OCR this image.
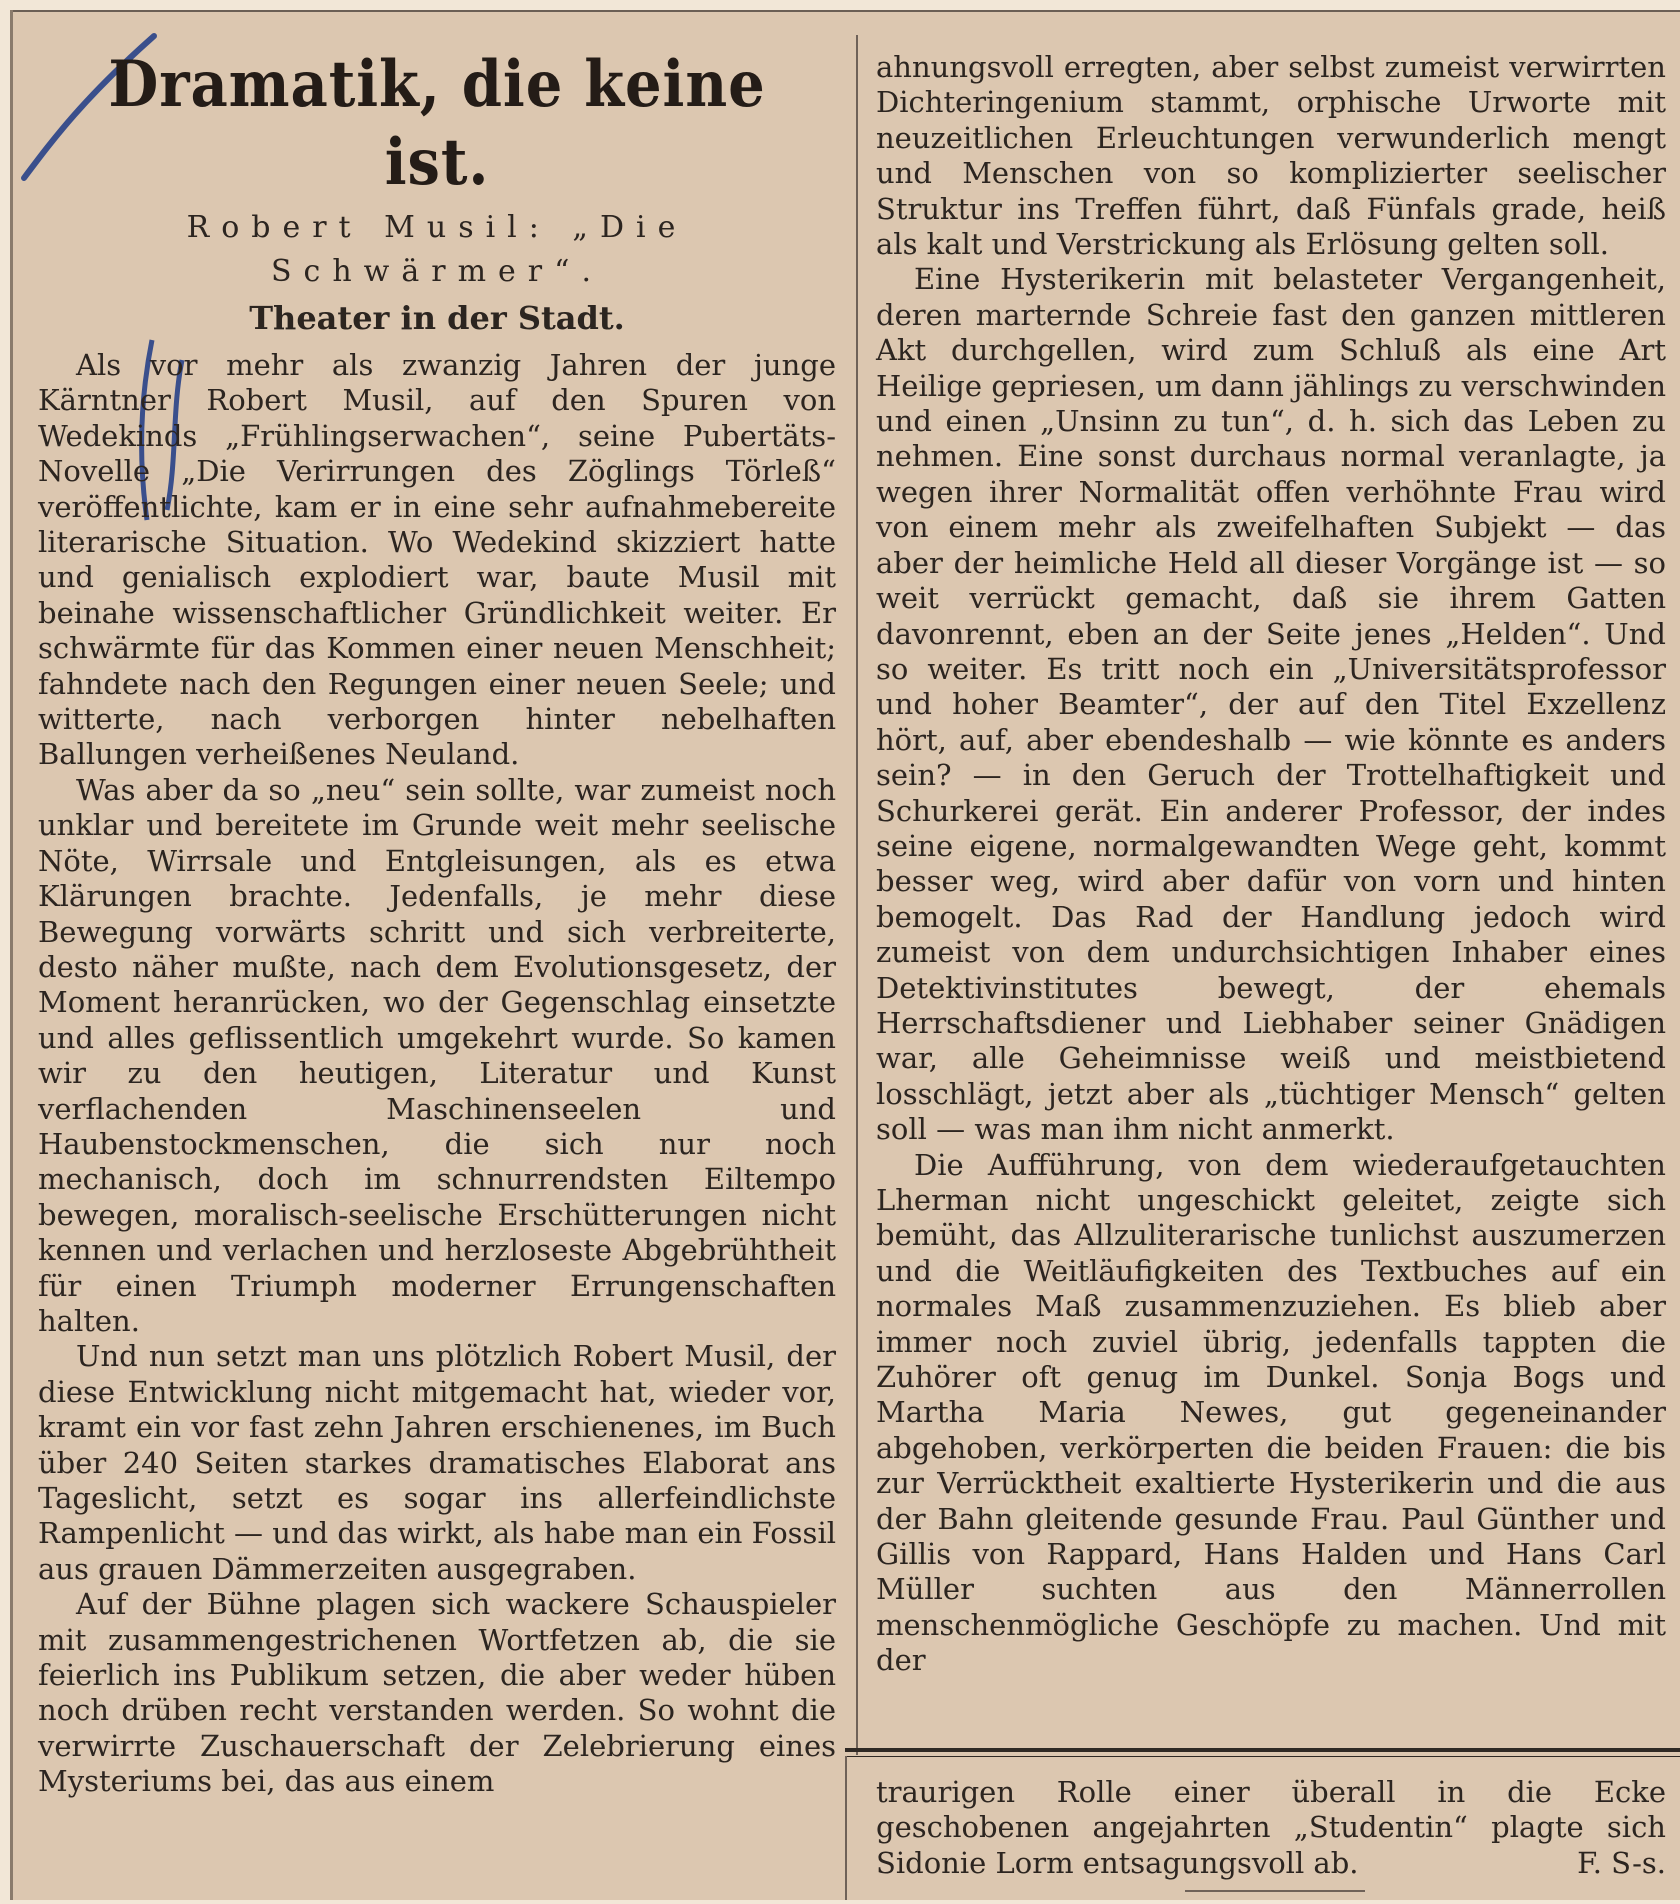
Dramatik, die keine ist.
Robert Musil: „Die Schwärmer“.
Theater in der Stadt.

Als vor mehr als zwanzig Jahren der junge Kärntner Robert Musil, auf den Spuren von Wedekinds „Frühlingserwachen“, seine Pubertäts-Novelle „Die Verirrungen des Zöglings Törleß“ veröffentlichte, kam er in eine sehr aufnahmebereite literarische Situation. Wo Wedekind skizziert hatte und genialisch explodiert war, baute Musil mit beinahe wissenschaftlicher Gründlichkeit weiter. Er schwärmte für das Kommen einer neuen Menschheit; fahndete nach den Regungen einer neuen Seele; und witterte, nach verborgen hinter nebelhaften Ballungen verheißenes Neuland.

Was aber da so „neu“ sein sollte, war zumeist noch unklar und bereitete im Grunde weit mehr seelische Nöte, Wirrsale und Entgleisungen, als es etwa Klärungen brachte. Jedenfalls, je mehr diese Bewegung vorwärts schritt und sich verbreiterte, desto näher mußte, nach dem Evolutionsgesetz, der Moment heranrücken, wo der Gegenschlag einsetzte und alles geflissentlich umgekehrt wurde. So kamen wir zu den heutigen, Literatur und Kunst verflachenden Maschinenseelen und Haubenstockmenschen, die sich nur noch mechanisch, doch im schnurrendsten Eiltempo bewegen, moralisch-seelische Erschütterungen nicht kennen und verlachen und herzloseste Abgebrühtheit für einen Triumph moderner Errungenschaften halten.

Und nun setzt man uns plötzlich Robert Musil, der diese Entwicklung nicht mitgemacht hat, wieder vor, kramt ein vor fast zehn Jahren erschienenes, im Buch über 240 Seiten starkes dramatisches Elaborat ans Tageslicht, setzt es sogar ins allerfeindlichste Rampenlicht — und das wirkt, als habe man ein Fossil aus grauen Dämmerzeiten ausgegraben.

Auf der Bühne plagen sich wackere Schauspieler mit zusammengestrichenen Wortfetzen ab, die sie feierlich ins Publikum setzen, die aber weder hüben noch drüben recht verstanden werden. So wohnt die verwirrte Zuschauerschaft der Zelebrierung eines Mysteriums bei, das aus einem

ahnungsvoll erregten, aber selbst zumeist verwirrten Dichteringenium stammt, orphische Urworte mit neuzeitlichen Erleuchtungen verwunderlich mengt und Menschen von so komplizierter seelischer Struktur ins Treffen führt, daß Fünfals grade, heiß als kalt und Verstrickung als Erlösung gelten soll.

Eine Hysterikerin mit belasteter Vergangenheit, deren marternde Schreie fast den ganzen mittleren Akt durchgellen, wird zum Schluß als eine Art Heilige gepriesen, um dann jählings zu verschwinden und einen „Unsinn zu tun“, d. h. sich das Leben zu nehmen. Eine sonst durchaus normal veranlagte, ja wegen ihrer Normalität offen verhöhnte Frau wird von einem mehr als zweifelhaften Subjekt — das aber der heimliche Held all dieser Vorgänge ist — so weit verrückt gemacht, daß sie ihrem Gatten davonrennt, eben an der Seite jenes „Helden“. Und so weiter. Es tritt noch ein „Universitätsprofessor und hoher Beamter“, der auf den Titel Exzellenz hört, auf, aber ebendeshalb — wie könnte es anders sein? — in den Geruch der Trottelhaftigkeit und Schurkerei gerät. Ein anderer Professor, der indes seine eigene, normalgewandten Wege geht, kommt besser weg, wird aber dafür von vorn und hinten bemogelt. Das Rad der Handlung jedoch wird zumeist von dem undurchsichtigen Inhaber eines Detektivinstitutes bewegt, der ehemals Herrschaftsdiener und Liebhaber seiner Gnädigen war, alle Geheimnisse weiß und meistbietend losschlägt, jetzt aber als „tüchtiger Mensch“ gelten soll — was man ihm nicht anmerkt.

Die Aufführung, von dem wiederaufgetauchten Lherman nicht ungeschickt geleitet, zeigte sich bemüht, das Allzuliterarische tunlichst auszumerzen und die Weitläufigkeiten des Textbuches auf ein normales Maß zusammenzuziehen. Es blieb aber immer noch zuviel übrig, jedenfalls tappten die Zuhörer oft genug im Dunkel. Sonja Bogs und Martha Maria Newes, gut gegeneinander abgehoben, verkörperten die beiden Frauen: die bis zur Verrücktheit exaltierte Hysterikerin und die aus der Bahn gleitende gesunde Frau. Paul Günther und Gillis von Rappard, Hans Halden und Hans Carl Müller suchten aus den Männerrollen menschenmögliche Geschöpfe zu machen. Und mit der

traurigen Rolle einer überall in die Ecke geschobenen angejahrten „Studentin“ plagte sich Sidonie Lorm entsagungsvoll ab.	F. S-s.
